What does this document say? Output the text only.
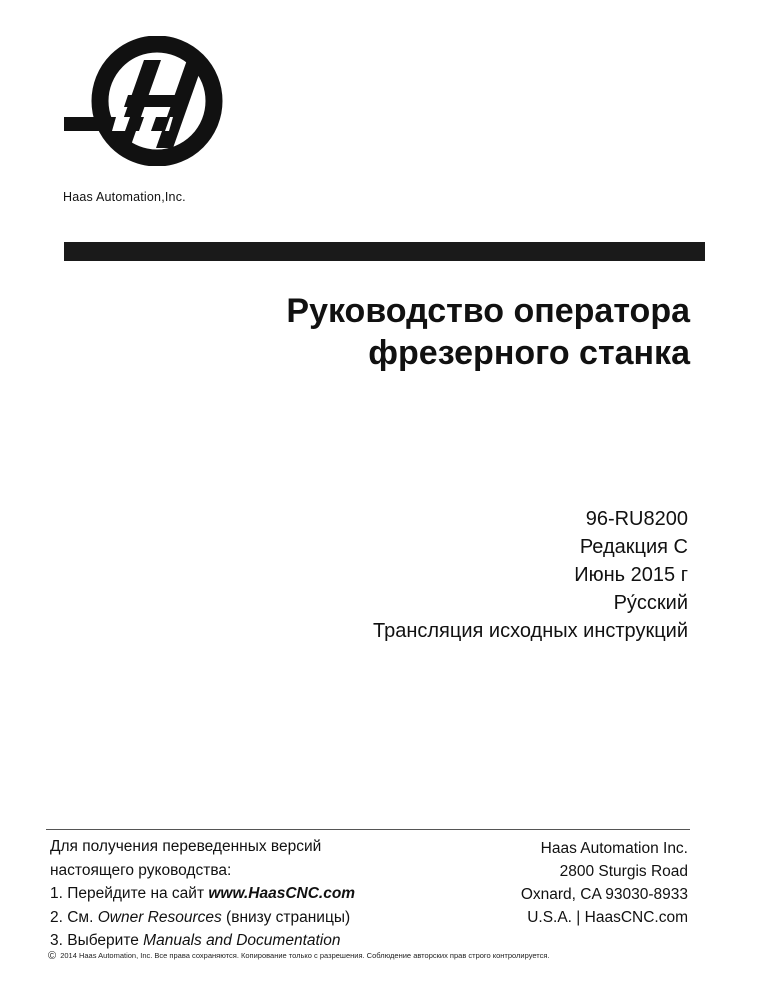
Haas Automation,Inc.
Руководство оператора
фрезерного станка
96-RU8200
Редакция C
Июнь 2015 г
Ру́сский
Трансляция исходных инструкций
Для получения переведенных версий
настоящего руководства:
1. Перейдите на сайт www.HaasCNC.com
2. См. Owner Resources (внизу страницы)
3. Выберите Manuals and Documentation
Haas Automation Inc.
2800 Sturgis Road
Oxnard, CA 93030-8933
U.S.A. | HaasCNC.com
© 2014 Haas Automation, Inc. Все права сохраняются. Копирование только с разрешения. Соблюдение авторских прав строго контролируется.
